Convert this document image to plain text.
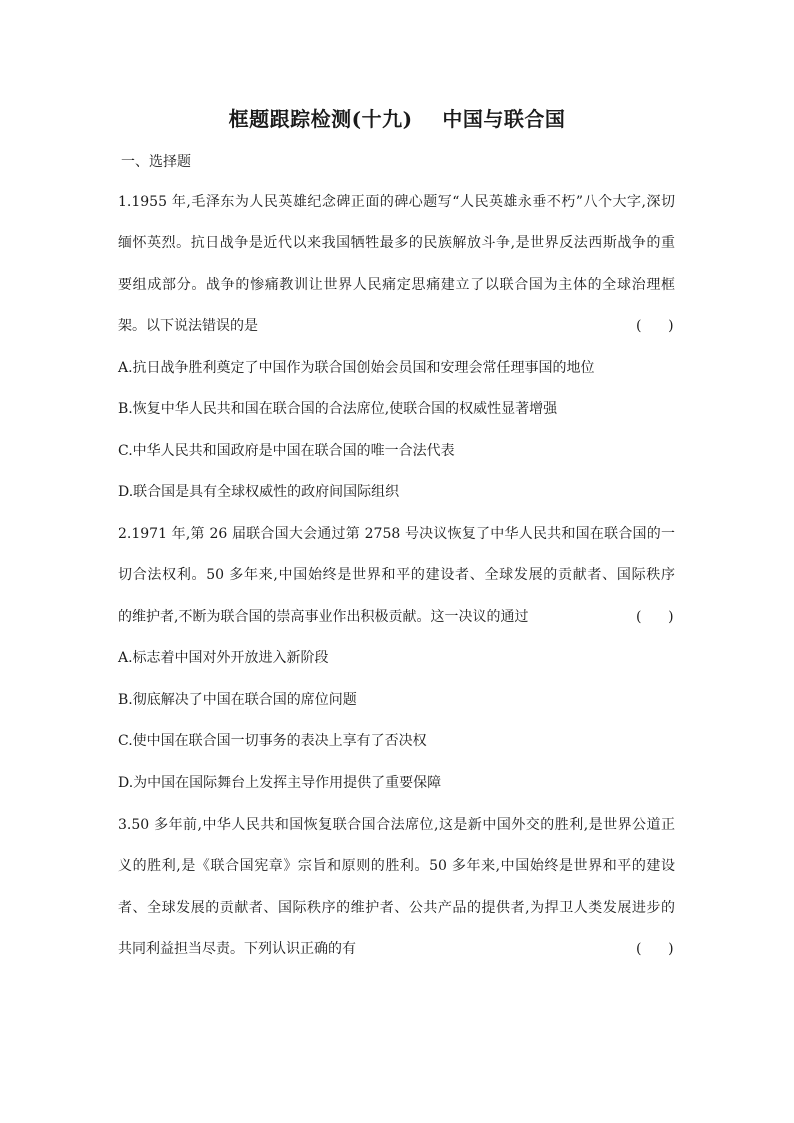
框题跟踪检测(十九)    中国与联合国
一、选择题
1.1955 年,毛泽东为人民英雄纪念碑正面的碑心题写“人民英雄永垂不朽”八个大字,深切
缅怀英烈。抗日战争是近代以来我国牺牲最多的民族解放斗争,是世界反法西斯战争的重
要组成部分。战争的惨痛教训让世界人民痛定思痛建立了以联合国为主体的全球治理框
架。以下说法错误的是	(      )
A.抗日战争胜利奠定了中国作为联合国创始会员国和安理会常任理事国的地位
B.恢复中华人民共和国在联合国的合法席位,使联合国的权威性显著增强
C.中华人民共和国政府是中国在联合国的唯一合法代表
D.联合国是具有全球权威性的政府间国际组织
2.1971 年,第 26 届联合国大会通过第 2758 号决议恢复了中华人民共和国在联合国的一
切合法权利。50 多年来,中国始终是世界和平的建设者、全球发展的贡献者、国际秩序
的维护者,不断为联合国的崇高事业作出积极贡献。这一决议的通过	(      )
A.标志着中国对外开放进入新阶段
B.彻底解决了中国在联合国的席位问题
C.使中国在联合国一切事务的表决上享有了否决权
D.为中国在国际舞台上发挥主导作用提供了重要保障
3.50 多年前,中华人民共和国恢复联合国合法席位,这是新中国外交的胜利,是世界公道正
义的胜利,是《联合国宪章》宗旨和原则的胜利。50 多年来,中国始终是世界和平的建设
者、全球发展的贡献者、国际秩序的维护者、公共产品的提供者,为捍卫人类发展进步的
共同利益担当尽责。下列认识正确的有	(      )
